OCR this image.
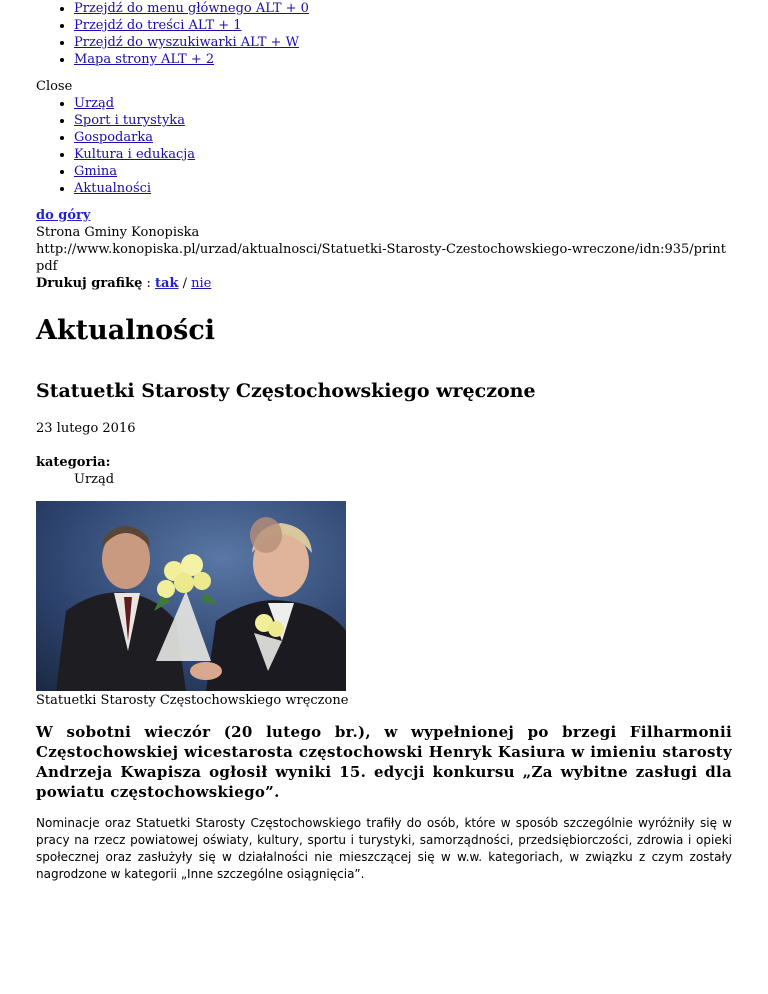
• Przejdź do menu głównego ALT + 0
• Przejdź do treści ALT + 1
• Przejdź do wyszukiwarki ALT + W
• Mapa strony ALT + 2
Close
• Urząd
• Sport i turystyka
• Gospodarka
• Kultura i edukacja
• Gmina
• Aktualności
do góry
Strona Gminy Konopiska
http://www.konopiska.pl/urzad/aktualnosci/Statuetki-Starosty-Czestochowskiego-wreczone/idn:935/printpdf
Drukuj grafikę : tak / nie
Aktualności
Statuetki Starosty Częstochowskiego wręczone
23 lutego 2016
kategoria:
Urząd
Statuetki Starosty Częstochowskiego wręczone
W sobotni wieczór (20 lutego br.), w wypełnionej po brzegi Filharmonii Częstochowskiej wicestarosta częstochowski Henryk Kasiura w imieniu starosty Andrzeja Kwapisza ogłosił wyniki 15. edycji konkursu „Za wybitne zasługi dla powiatu częstochowskiego”.
Nominacje oraz Statuetki Starosty Częstochowskiego trafiły do osób, które w sposób szczególnie wyróżniły się w pracy na rzecz powiatowej oświaty, kultury, sportu i turystyki, samorządności, przedsiębiorczości, zdrowia i opieki społecznej oraz zasłużyły się w działalności nie mieszczącej się w w.w. kategoriach, w związku z czym zostały nagrodzone w kategorii „Inne szczególne osiągnięcia”.
